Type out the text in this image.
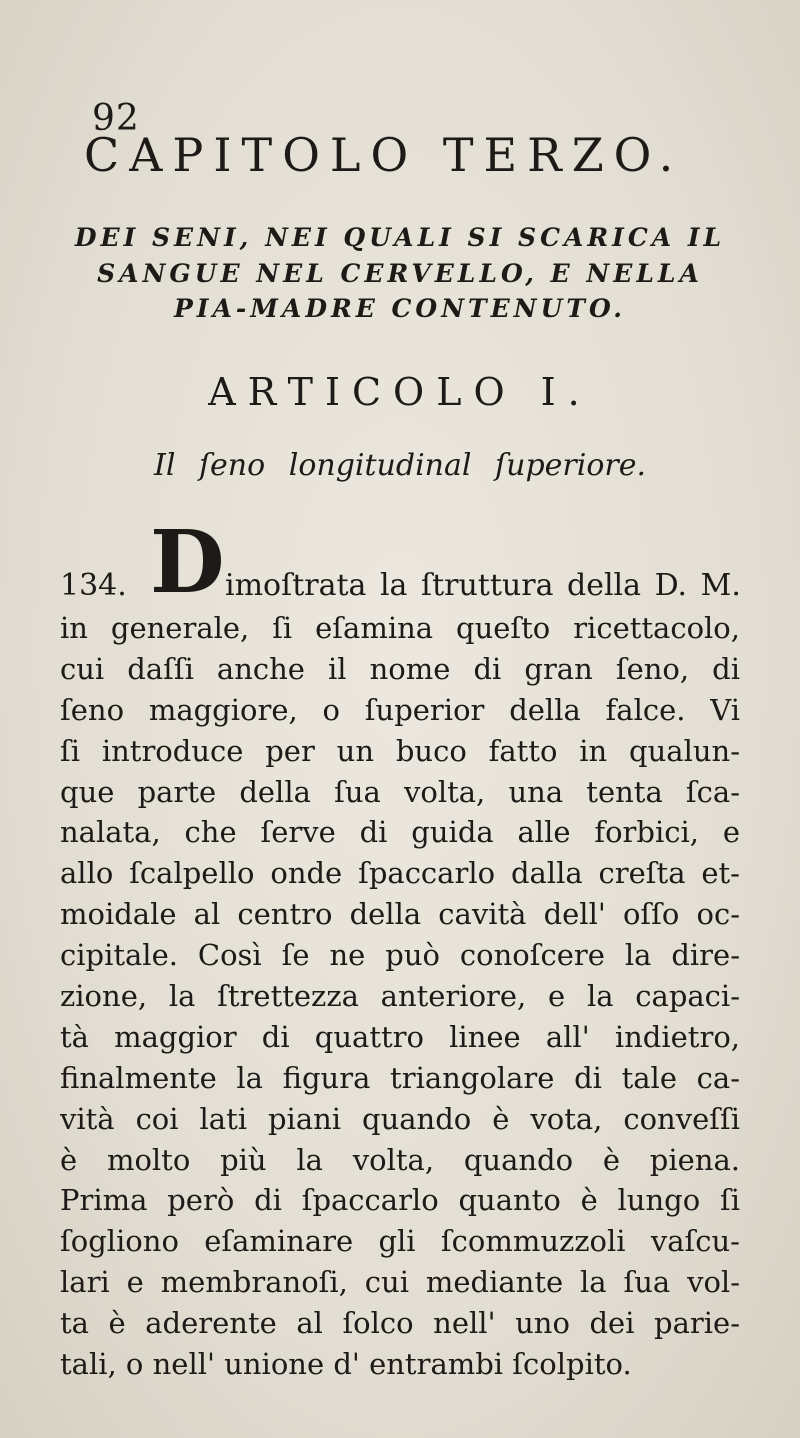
92
CAPITOLO TERZO.
DEI SENI, NEI QUALI SI SCARICA IL
SANGUE NEL CERVELLO, E NELLA
PIA-MADRE CONTENUTO.
ARTICOLO I.
Il ſeno longitudinal ſuperiore.
134. D imoſtrata la ſtruttura della D. M.
in generale, ſi eſamina queſto ricettacolo,
cui daſſi anche il nome di gran ſeno, di
ſeno maggiore, o ſuperior della falce. Vi
ſi introduce per un buco fatto in qualun-
que parte della ſua volta, una tenta ſca-
nalata, che ſerve di guida alle forbici, e
allo ſcalpello onde ſpaccarlo dalla creſta et-
moidale al centro della cavità dell' oſſo oc-
cipitale. Così ſe ne può conoſcere la dire-
zione, la ſtrettezza anteriore, e la capaci-
tà maggior di quattro linee all' indietro,
finalmente la figura triangolare di tale ca-
vità coi lati piani quando è vota, conveſſi
è molto più la volta, quando è piena.
Prima però di ſpaccarlo quanto è lungo ſi
ſogliono eſaminare gli ſcommuzzoli vaſcu-
lari e membranoſi, cui mediante la ſua vol-
ta è aderente al ſolco nell' uno dei parie-
tali, o nell' unione d' entrambi ſcolpito.
